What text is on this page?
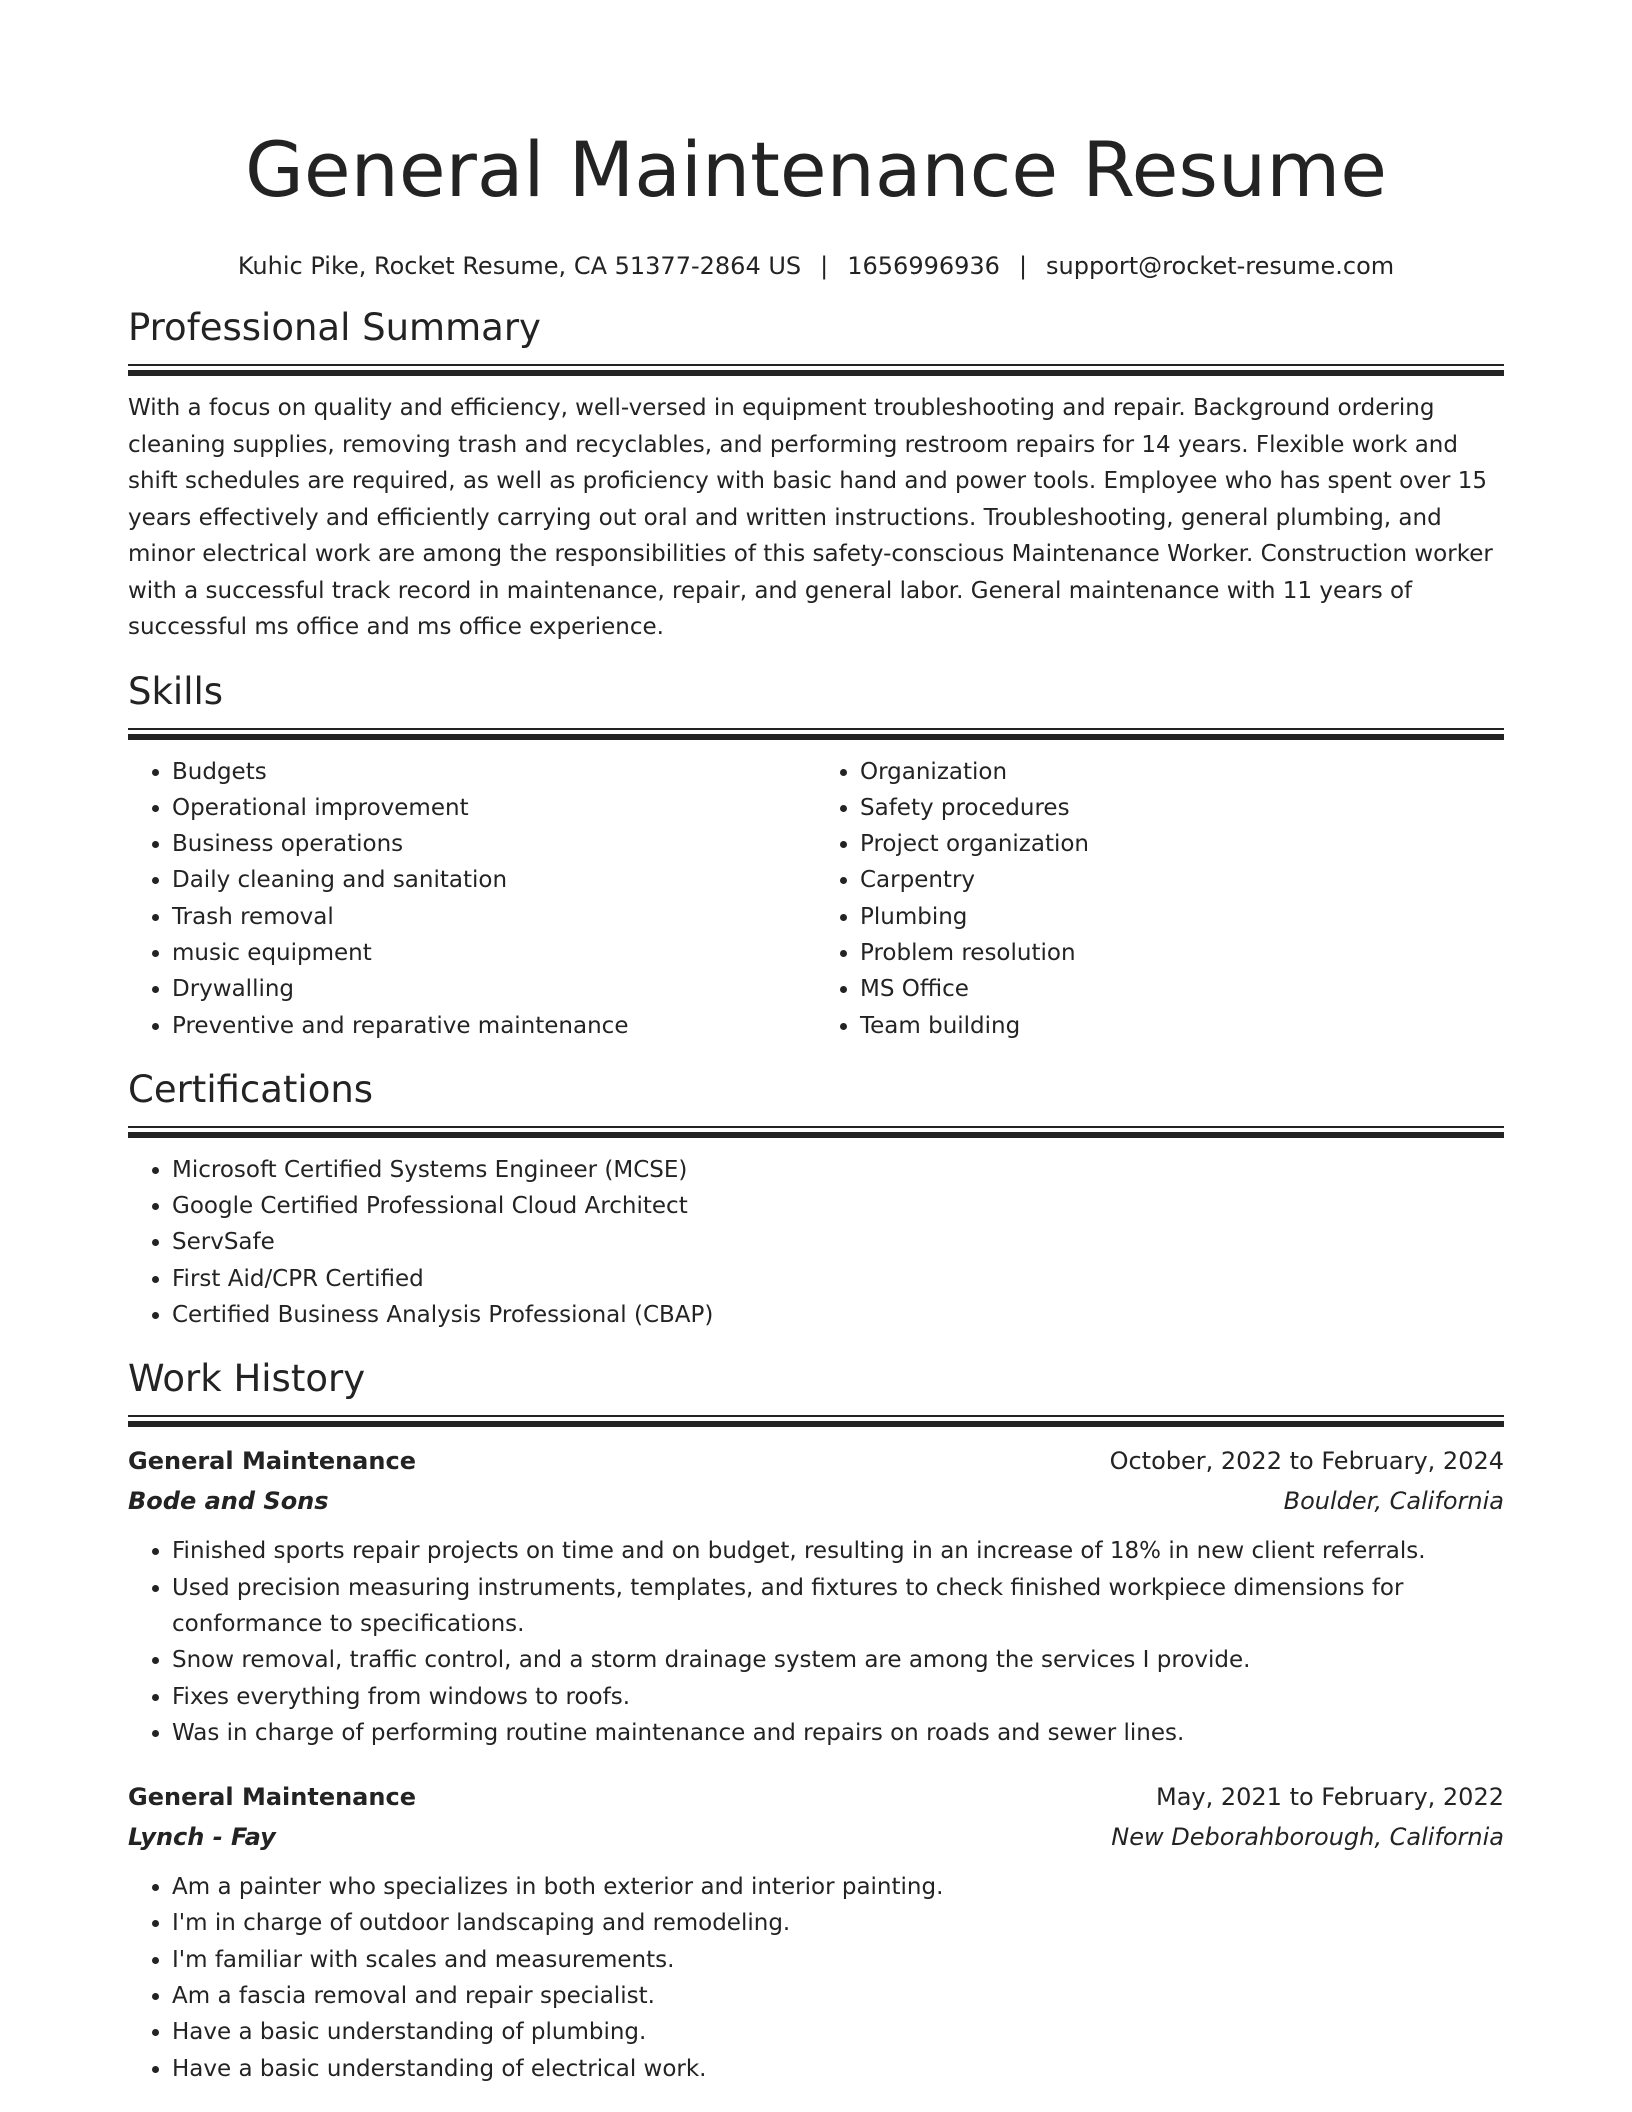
General Maintenance Resume
Kuhic Pike, Rocket Resume, CA 51377-2864 US | 1656996936 | support@rocket-resume.com
Professional Summary

With a focus on quality and efficiency, well-versed in equipment troubleshooting and repair. Background ordering cleaning supplies, removing trash and recyclables, and performing restroom repairs for 14 years. Flexible work and shift schedules are required, as well as proficiency with basic hand and power tools. Employee who has spent over 15 years effectively and efficiently carrying out oral and written instructions. Troubleshooting, general plumbing, and minor electrical work are among the responsibilities of this safety-conscious Maintenance Worker. Construction worker with a successful track record in maintenance, repair, and general labor. General maintenance with 11 years of successful ms office and ms office experience.

Skills
• Budgets
• Operational improvement
• Business operations
• Daily cleaning and sanitation
• Trash removal
• music equipment
• Drywalling
• Preventive and reparative maintenance
• Organization
• Safety procedures
• Project organization
• Carpentry
• Plumbing
• Problem resolution
• MS Office
• Team building
Certifications
• Microsoft Certified Systems Engineer (MCSE)
• Google Certified Professional Cloud Architect
• ServSafe
• First Aid/CPR Certified
• Certified Business Analysis Professional (CBAP)
Work History
General Maintenance	October, 2022 to February, 2024
Bode and Sons	Boulder, California
• Finished sports repair projects on time and on budget, resulting in an increase of 18% in new client referrals.
• Used precision measuring instruments, templates, and fixtures to check finished workpiece dimensions for conformance to specifications.
• Snow removal, traffic control, and a storm drainage system are among the services I provide.
• Fixes everything from windows to roofs.
• Was in charge of performing routine maintenance and repairs on roads and sewer lines.
General Maintenance	May, 2021 to February, 2022
Lynch - Fay	New Deborahborough, California
• Am a painter who specializes in both exterior and interior painting.
• I'm in charge of outdoor landscaping and remodeling.
• I'm familiar with scales and measurements.
• Am a fascia removal and repair specialist.
• Have a basic understanding of plumbing.
• Have a basic understanding of electrical work.
